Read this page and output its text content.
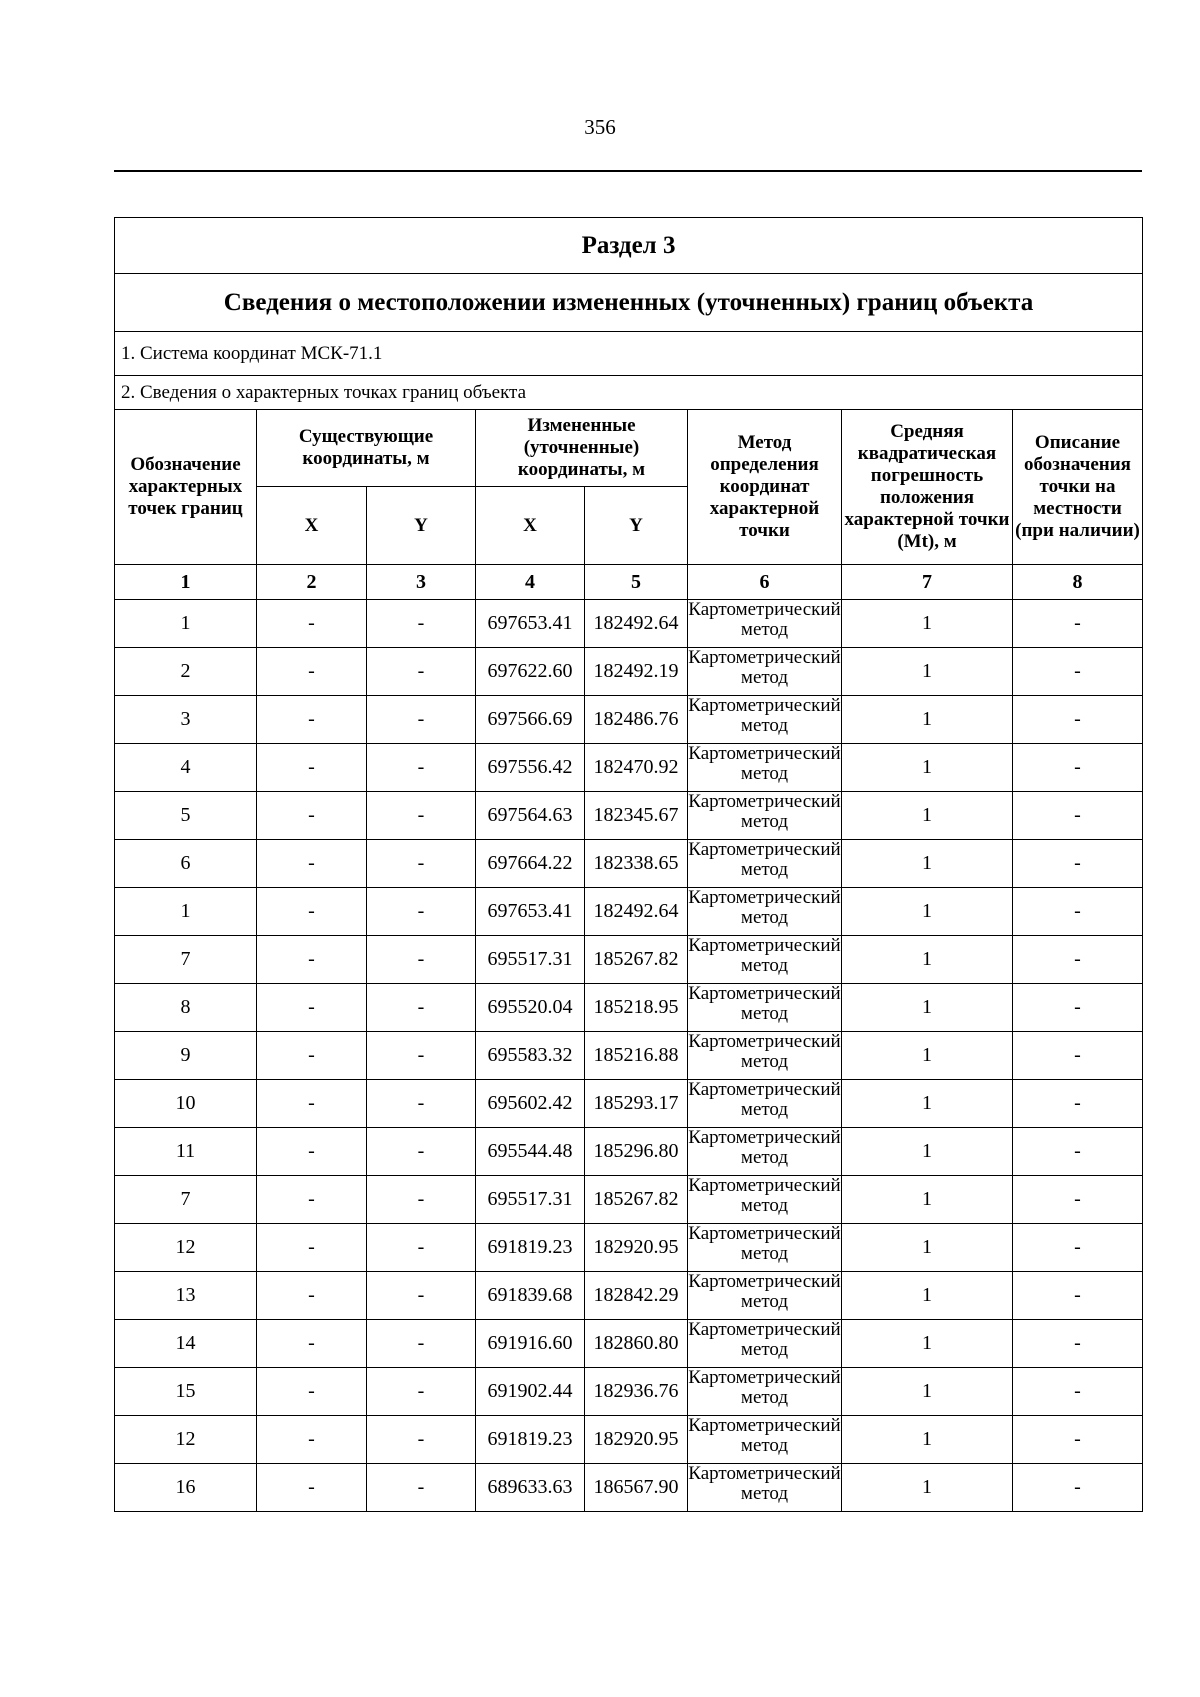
356
Раздел 3							
Сведения о местоположении измененных (уточненных) границ объекта							
1. Система координат МСК-71.1							
2. Сведения о характерных точках границ объекта							
Обозначение характерных точек границ	Существующие координаты, м		Измененные (уточненные) координаты, м		Метод определения координат характерной точки	Средняя квадратическая погрешность положения характерной точки (Mt), м	Описание обозначения точки на местности (при наличии)
	X	Y	X	Y			
1	2	3	4	5	6	7	8
1	-	-	697653.41	182492.64	Картометрический метод	1	-
2	-	-	697622.60	182492.19	Картометрический метод	1	-
3	-	-	697566.69	182486.76	Картометрический метод	1	-
4	-	-	697556.42	182470.92	Картометрический метод	1	-
5	-	-	697564.63	182345.67	Картометрический метод	1	-
6	-	-	697664.22	182338.65	Картометрический метод	1	-
1	-	-	697653.41	182492.64	Картометрический метод	1	-
7	-	-	695517.31	185267.82	Картометрический метод	1	-
8	-	-	695520.04	185218.95	Картометрический метод	1	-
9	-	-	695583.32	185216.88	Картометрический метод	1	-
10	-	-	695602.42	185293.17	Картометрический метод	1	-
11	-	-	695544.48	185296.80	Картометрический метод	1	-
7	-	-	695517.31	185267.82	Картометрический метод	1	-
12	-	-	691819.23	182920.95	Картометрический метод	1	-
13	-	-	691839.68	182842.29	Картометрический метод	1	-
14	-	-	691916.60	182860.80	Картометрический метод	1	-
15	-	-	691902.44	182936.76	Картометрический метод	1	-
12	-	-	691819.23	182920.95	Картометрический метод	1	-
16	-	-	689633.63	186567.90	Картометрический метод	1	-
